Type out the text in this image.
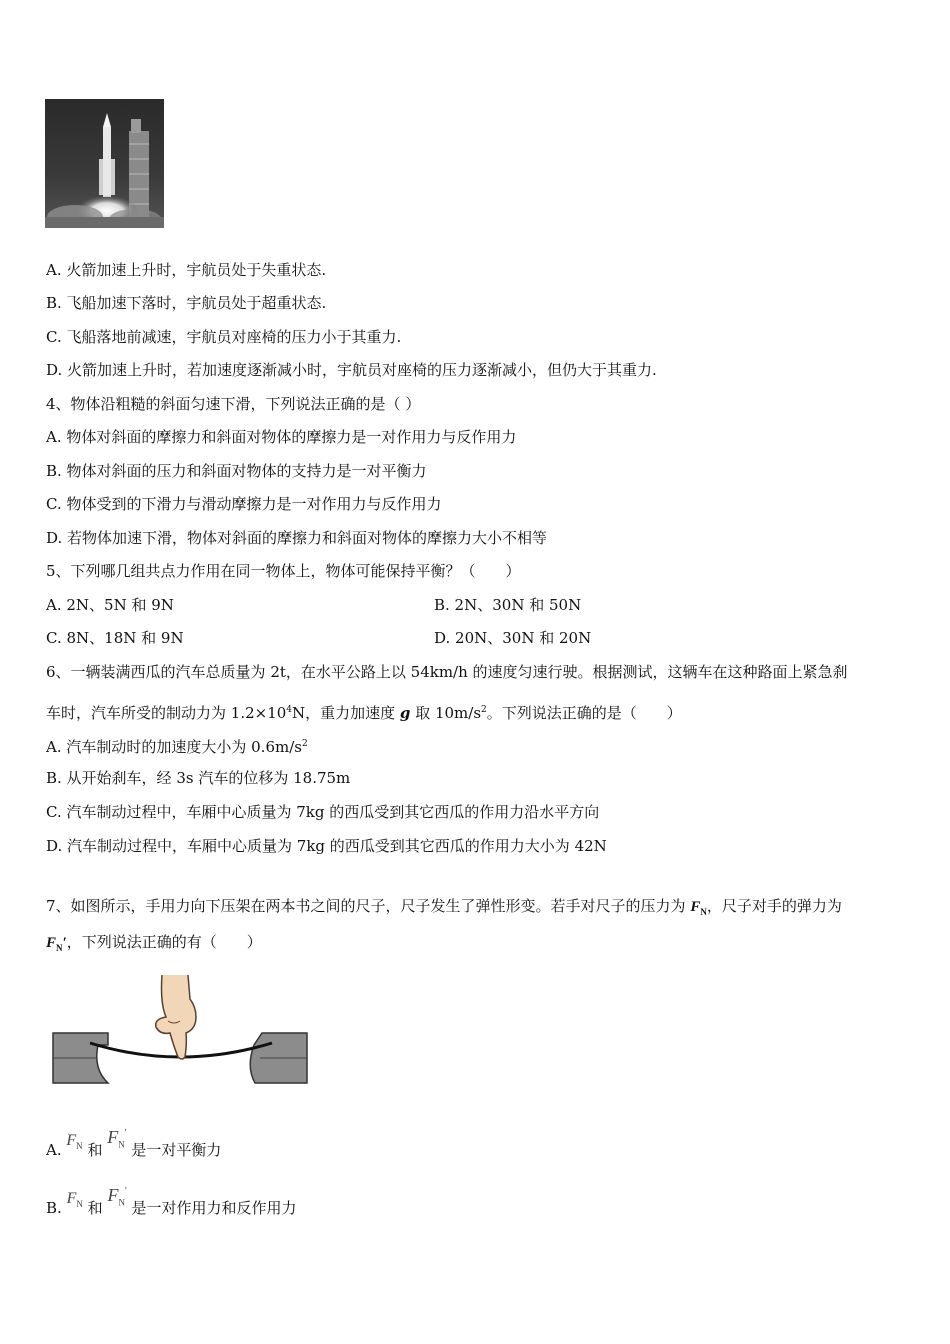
A. 火箭加速上升时，宇航员处于失重状态.
B. 飞船加速下落时，宇航员处于超重状态.
C. 飞船落地前减速，宇航员对座椅的压力小于其重力.
D. 火箭加速上升时，若加速度逐渐减小时，宇航员对座椅的压力逐渐减小，但仍大于其重力.
4、物体沿粗糙的斜面匀速下滑，下列说法正确的是（ ）
A. 物体对斜面的摩擦力和斜面对物体的摩擦力是一对作用力与反作用力
B. 物体对斜面的压力和斜面对物体的支持力是一对平衡力
C. 物体受到的下滑力与滑动摩擦力是一对作用力与反作用力
D. 若物体加速下滑，物体对斜面的摩擦力和斜面对物体的摩擦力大小不相等
5、下列哪几组共点力作用在同一物体上，物体可能保持平衡？（　　）
A. 2N、5N 和 9N	B. 2N、30N 和 50N
C. 8N、18N 和 9N	D. 20N、30N 和 20N
6、一辆装满西瓜的汽车总质量为 2t，在水平公路上以 54km/h 的速度匀速行驶。根据测试，这辆车在这种路面上紧急刹
车时，汽车所受的制动力为 $1.2\times 10^4N$，重力加速度 g 取 $10m/s^2$。下列说法正确的是（　　）
A. 汽车制动时的加速度大小为 $0.6m/s^2$
B. 从开始刹车，经 3s 汽车的位移为 18.75m
C. 汽车制动过程中，车厢中心质量为 7kg 的西瓜受到其它西瓜的作用力沿水平方向
D. 汽车制动过程中，车厢中心质量为 7kg 的西瓜受到其它西瓜的作用力大小为 42N
7、如图所示，手用力向下压架在两本书之间的尺子，尺子发生了弹性形变。若手对尺子的压力为 $F_N$，尺子对手的弹力为
$F_N'$，下列说法正确的有（　　）
A. $F_N$ 和 $F_N'$ 是一对平衡力
B. $F_N$ 和 $F_N'$ 是一对作用力和反作用力
